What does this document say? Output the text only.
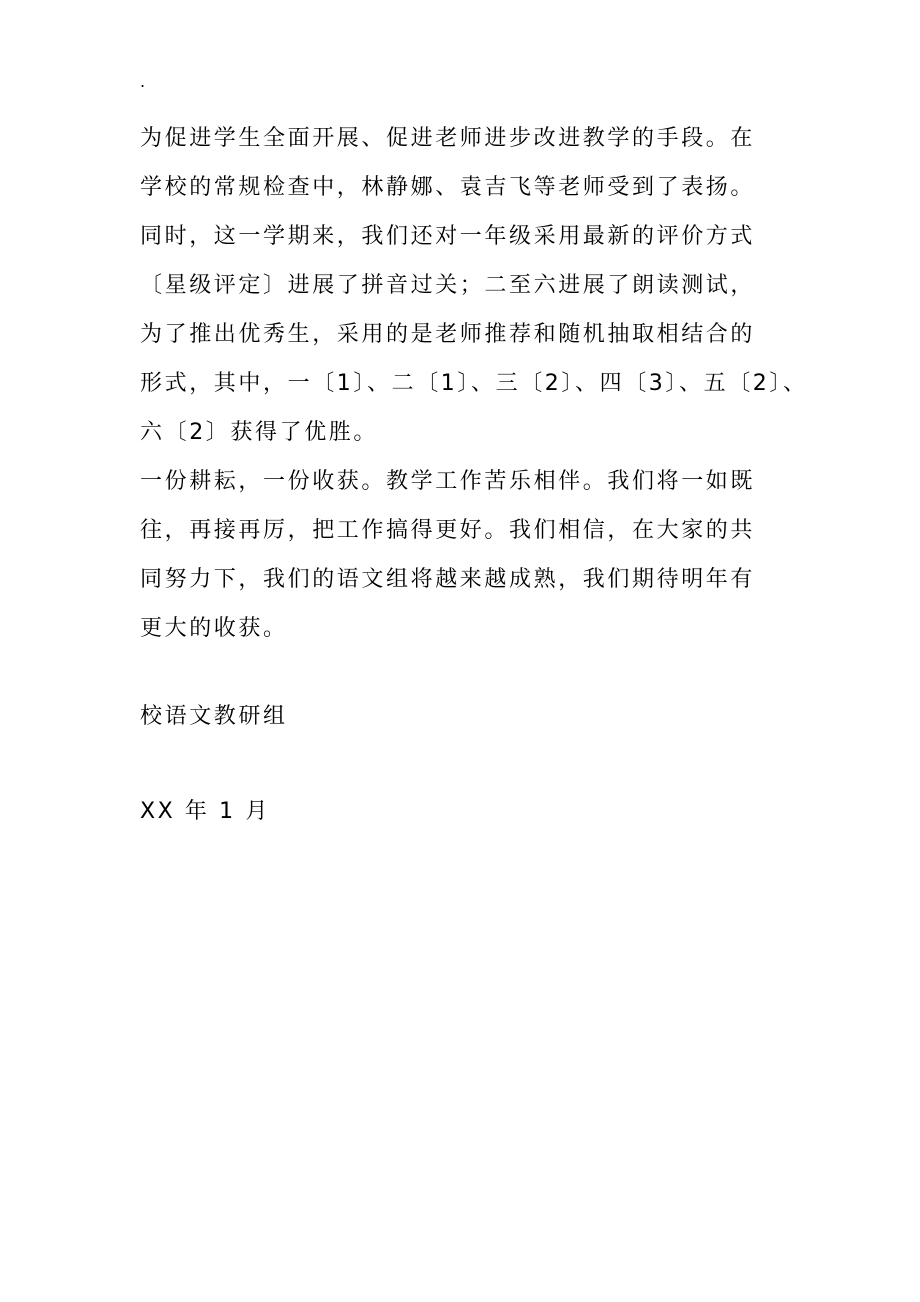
.
为促进学生全面开展、促进老师进步改进教学的手段。在
学校的常规检查中，林静娜、袁吉飞等老师受到了表扬。
同时，这一学期来，我们还对一年级采用最新的评价方式
〔星级评定〕进展了拼音过关；二至六进展了朗读测试，
为了推出优秀生，采用的是老师推荐和随机抽取相结合的
形式，其中，一〔1〕、二〔1〕、三〔2〕、四〔3〕、五〔2〕、
六〔2〕获得了优胜。
一份耕耘，一份收获。教学工作苦乐相伴。我们将一如既
往，再接再厉，把工作搞得更好。我们相信，在大家的共
同努力下，我们的语文组将越来越成熟，我们期待明年有
更大的收获。
校语文教研组
XX 年 1 月
